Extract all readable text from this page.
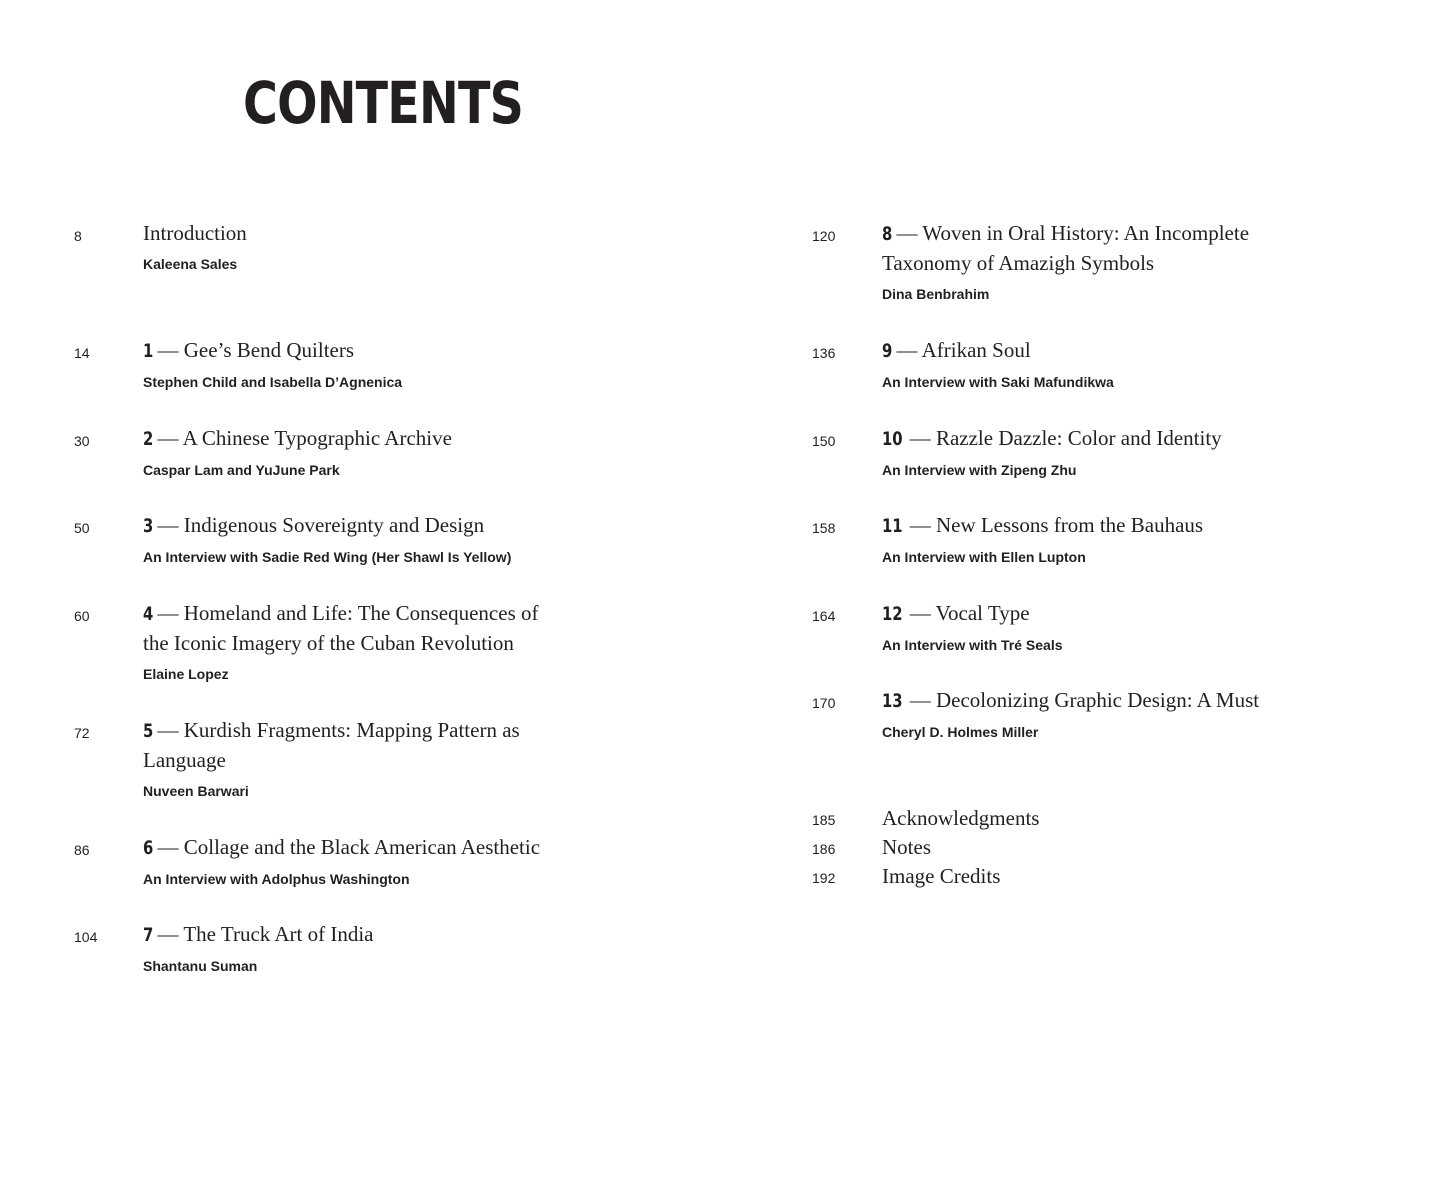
CONTENTS
8	Introduction
Kaleena Sales
14	1 — Gee’s Bend Quilters
Stephen Child and Isabella D’Agnenica
30	2 — A Chinese Typographic Archive
Caspar Lam and YuJune Park
50	3 — Indigenous Sovereignty and Design
An Interview with Sadie Red Wing (Her Shawl Is Yellow)
60	4 — Homeland and Life: The Consequences of
the Iconic Imagery of the Cuban Revolution
Elaine Lopez
72	5 — Kurdish Fragments: Mapping Pattern as
Language
Nuveen Barwari
86	6 — Collage and the Black American Aesthetic
An Interview with Adolphus Washington
104 7 — The Truck Art of India
Shantanu Suman
120 8 — Woven in Oral History: An Incomplete
Taxonomy of Amazigh Symbols
Dina Benbrahim
136 9 — Afrikan Soul
An Interview with Saki Mafundikwa
150 10 — Razzle Dazzle: Color and Identity
An Interview with Zipeng Zhu
158 11 — New Lessons from the Bauhaus
An Interview with Ellen Lupton
164 12 — Vocal Type
An Interview with Tré Seals
170 13 — Decolonizing Graphic Design: A Must
Cheryl D. Holmes Miller
185 Acknowledgments
186 Notes
192 Image Credits
